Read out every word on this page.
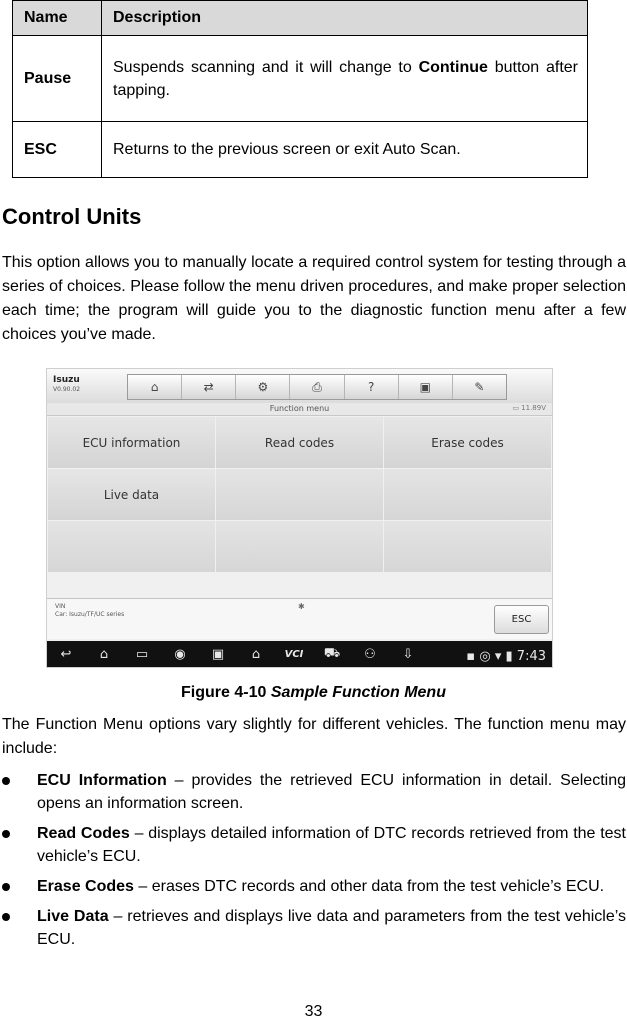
Name	Description
Pause	Suspends scanning and it will change to Continue button after tapping.
ESC	Returns to the previous screen or exit Auto Scan.
Control Units

This option allows you to manually locate a required control system for testing through a series of choices. Please follow the menu driven procedures, and make proper selection each time; the program will guide you to the diagnostic function menu after a few choices you’ve made.

Isuzu
V0.90.02	⌂	⇄	⚙	⎙	?	▣	✎
Function menu	▭ 11.89V
ECU information	Read codes	Erase codes
Live data
VIN
Car: Isuzu/TF/UC series
✱
ESC
↩	⌂	▭	◉	▣	⌂	VCI	⛟	⚇	⇩	▪ ◎ ▾ ▮ 7:43

Figure 4-10 Sample Function Menu

The Function Menu options vary slightly for different vehicles. The function menu may include:

ECU Information – provides the retrieved ECU information in detail. Selecting opens an information screen.
Read Codes – displays detailed information of DTC records retrieved from the test vehicle’s ECU.
Erase Codes – erases DTC records and other data from the test vehicle’s ECU.
Live Data – retrieves and displays live data and parameters from the test vehicle’s ECU.
33
